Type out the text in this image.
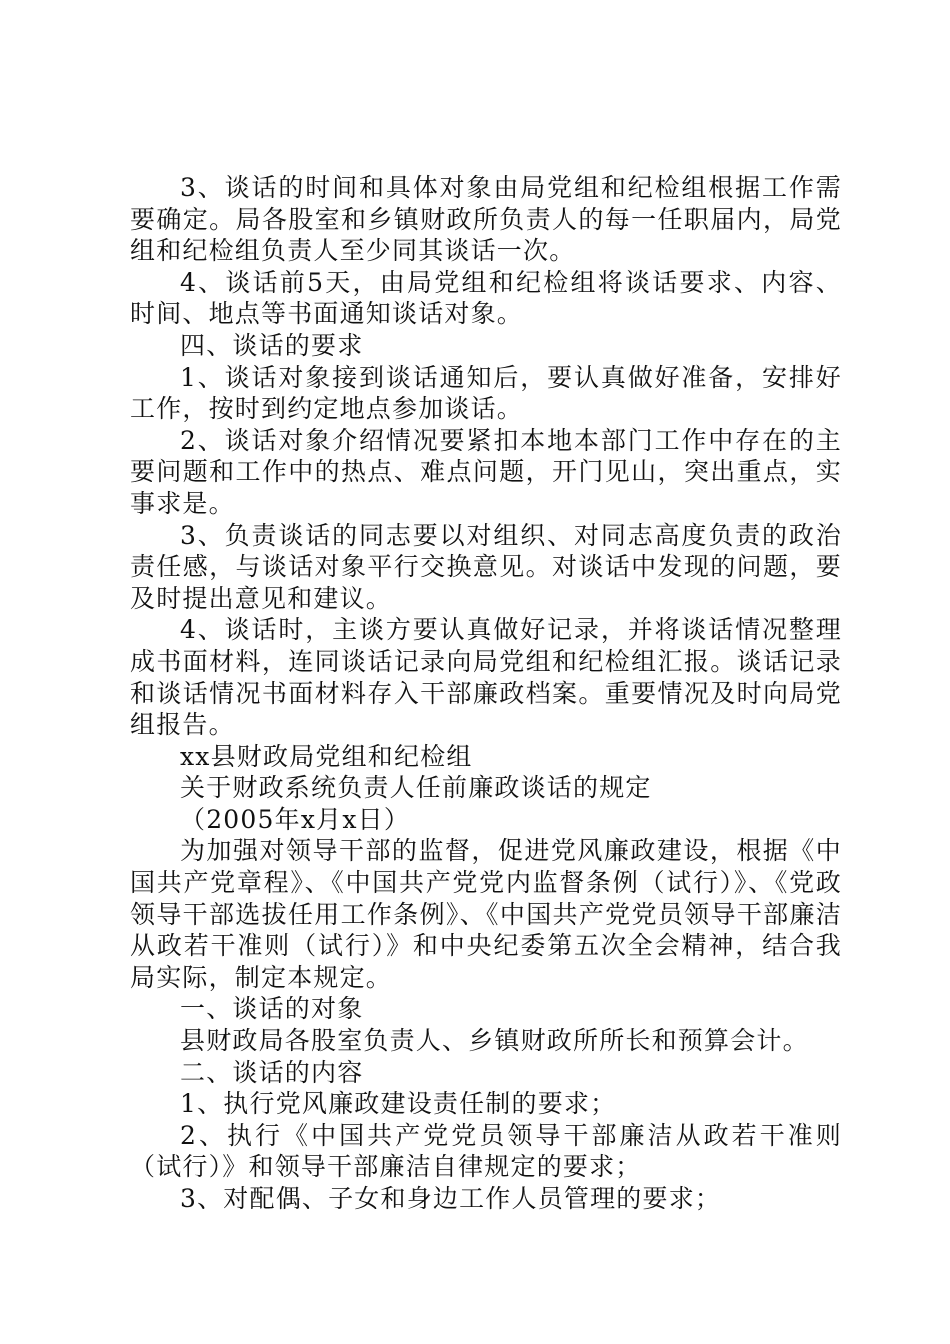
3、谈话的时间和具体对象由局党组和纪检组根据工作需要确定。局各股室和乡镇财政所负责人的每一任职届内，局党组和纪检组负责人至少同其谈话一次。

4、谈话前5天，由局党组和纪检组将谈话要求、内容、时间、地点等书面通知谈话对象。

四、谈话的要求

1、谈话对象接到谈话通知后，要认真做好准备，安排好工作，按时到约定地点参加谈话。

2、谈话对象介绍情况要紧扣本地本部门工作中存在的主要问题和工作中的热点、难点问题，开门见山，突出重点，实事求是。

3、负责谈话的同志要以对组织、对同志高度负责的政治责任感，与谈话对象平行交换意见。对谈话中发现的问题，要及时提出意见和建议。

4、谈话时，主谈方要认真做好记录，并将谈话情况整理成书面材料，连同谈话记录向局党组和纪检组汇报。谈话记录和谈话情况书面材料存入干部廉政档案。重要情况及时向局党组报告。

xx县财政局党组和纪检组

关于财政系统负责人任前廉政谈话的规定

（2005年x月x日）

为加强对领导干部的监督，促进党风廉政建设，根据《中国共产党章程》、《中国共产党党内监督条例（试行）》、《党政领导干部选拔任用工作条例》、《中国共产党党员领导干部廉洁从政若干准则（试行）》和中央纪委第五次全会精神，结合我局实际，制定本规定。

一、谈话的对象

县财政局各股室负责人、乡镇财政所所长和预算会计。

二、谈话的内容

1、执行党风廉政建设责任制的要求；

2、执行《中国共产党党员领导干部廉洁从政若干准则（试行）》和领导干部廉洁自律规定的要求；

3、对配偶、子女和身边工作人员管理的要求；
